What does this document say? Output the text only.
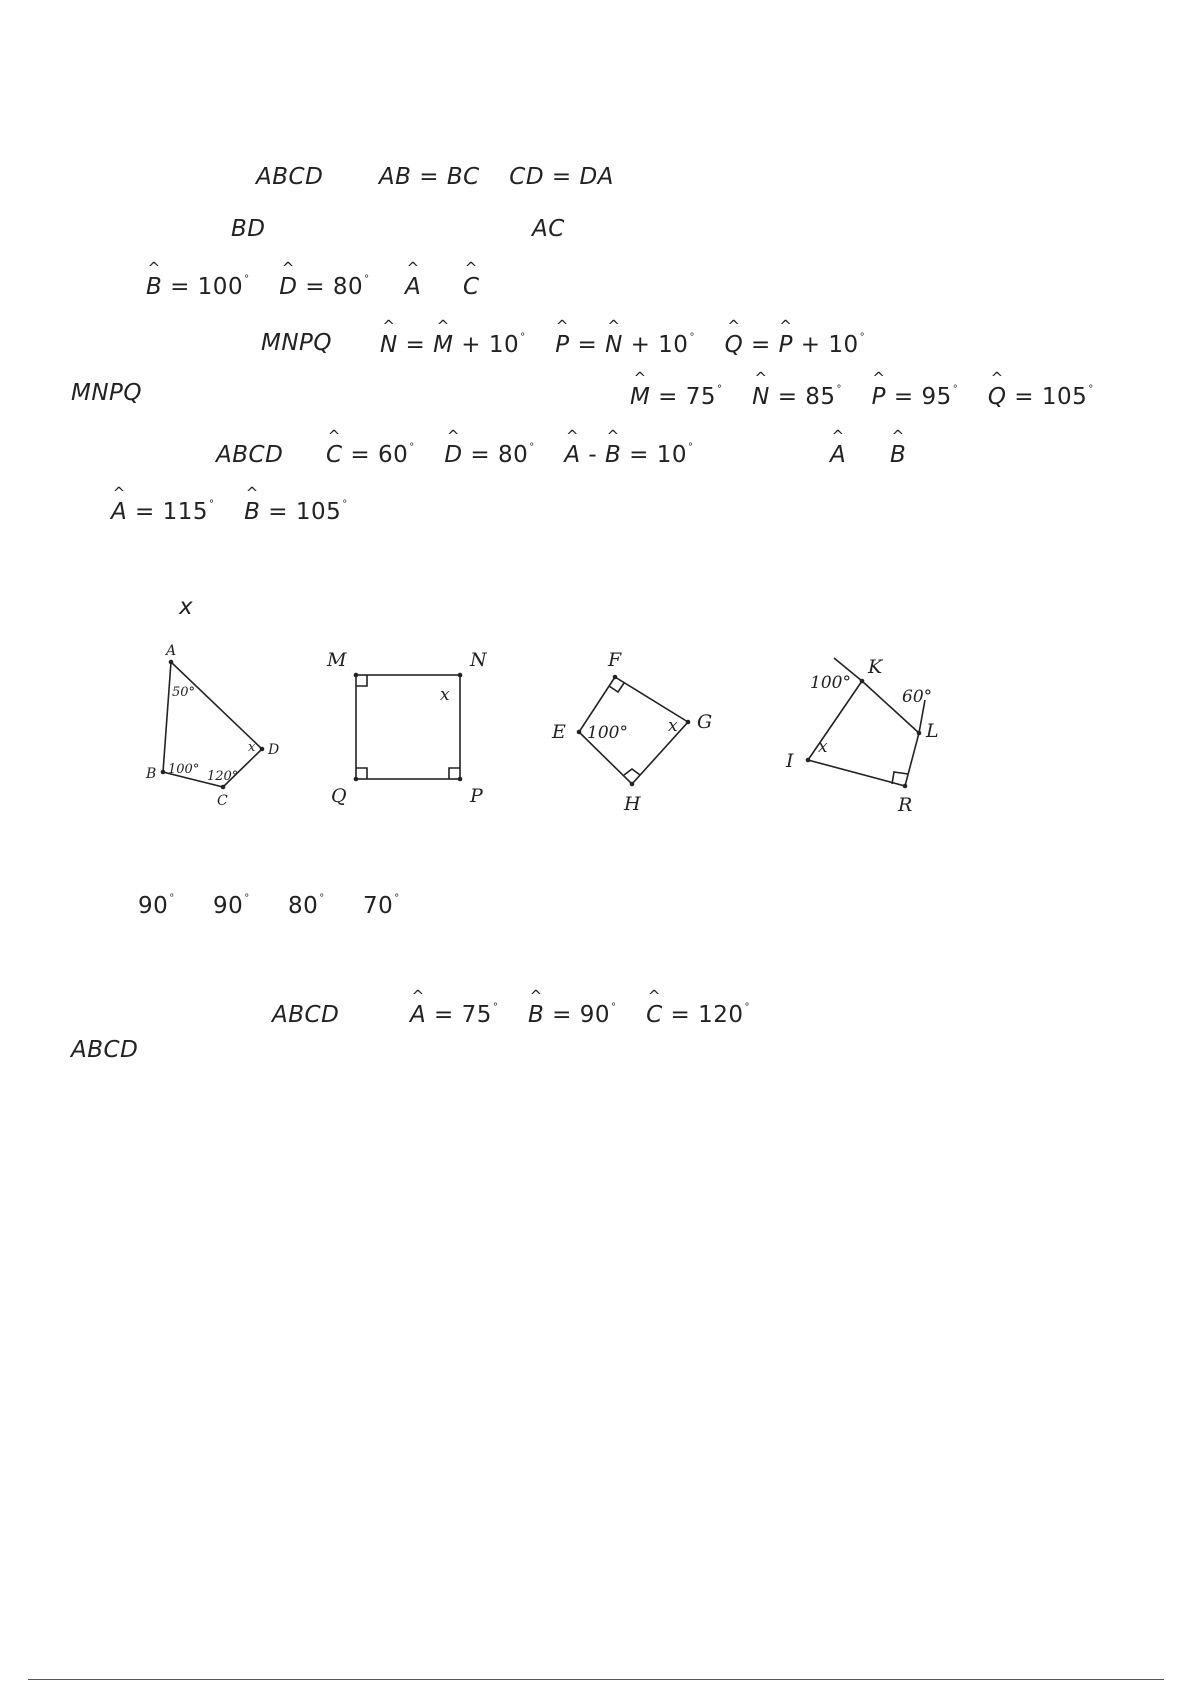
ABCD AB = BC CD = DA
BD	AC
^ B = 100° ^ D = 80° ^ A ^ C
MNPQ ^ N = ^ M + 10° ^ P = ^ N + 10° ^ Q = ^ P + 10°
MNPQ	^ M = 75° ^ N = 85° ^ P = 95° ^ Q = 105°
ABCD ^ C = 60° ^ D = 80° ^ A - ^ B = 10°	^ A ^ B
^ A = 115° ^ B = 105°
x
A
B
C
D
50°
100° 120°
x
M	N
P
Q
x
F
G
H
E 100° x
K
L
R
I
100°
60°
x
90° 90° 80° 70°
ABCD	^ A = 75° ^ B = 90° ^ C = 120°
ABCD
